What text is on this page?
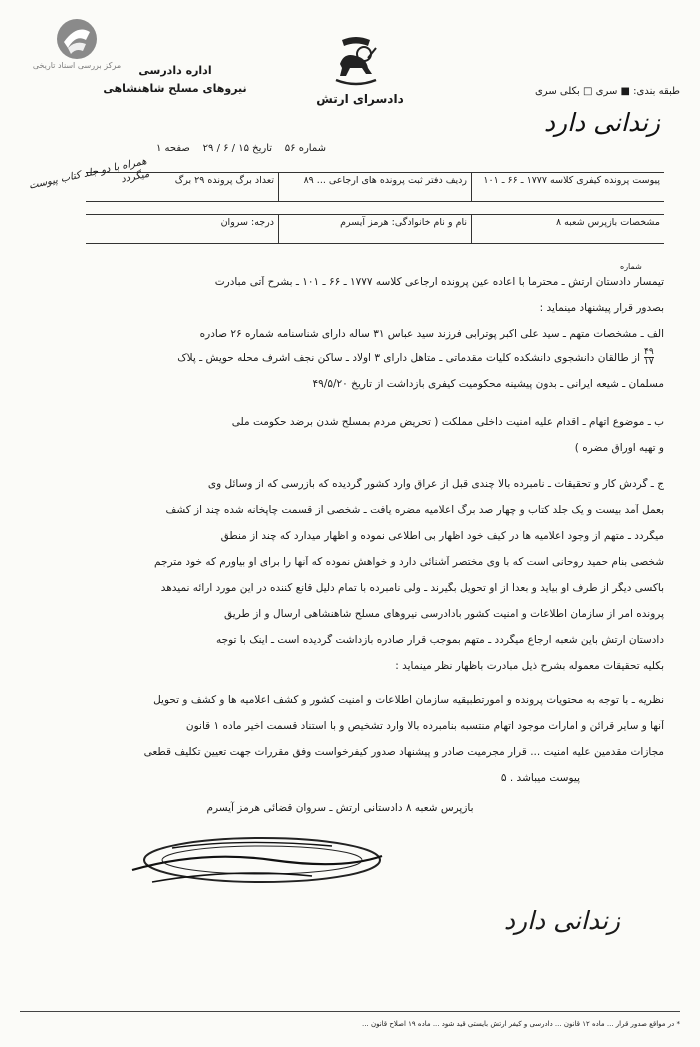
مرکز بررسی اسناد تاریخی	اداره دادرسی
نیروهای مسلح شاهنشاهی
دادسرای ارتش
طبقه بندی: ■ سری □ بکلی سری
زندانی دارد
شماره ۵۶    تاریخ ۱۵ / ۶ / ۲۹    صفحه ۱
پیوست پرونده کیفری کلاسه ۱۷۷۷ ـ ۶۶ ـ ۱۰۱
ردیف دفتر ثبت پرونده های ارجاعی ... ۸۹
تعداد برگ پرونده ۲۹ برگ
مشخصات بازپرس شعبه ۸
نام و نام خانوادگی: هرمز آیسرم
درجه: سروان
همراه با دو جلد کتاب پیوست میگردد
شماره
تیمسار دادستان ارتش ـ محترماً با اعاده عین پرونده ارجاعی کلاسه ۱۷۷۷ ـ ۶۶ ـ ۱۰۱ ـ بشرح آتی مبادرت
بصدور قرار پیشنهاد مینماید :
الف ـ مشخصات متهم ـ سید علی اکبر پوترابی فرزند سید عباس ۳۱ ساله دارای شناسنامه شماره ۲۶ صادره
از طالقان دانشجوی دانشکده کلیات مقدماتی ـ متاهل دارای ۳ اولاد ـ ساکن نجف اشرف محله حویش ـ پلاک ۴۹
۱۷
مسلمان ـ شیعه ایرانی ـ بدون پیشینه محکومیت کیفری بازداشت از تاریخ ۴۹/۵/۲۰
ب ـ موضوع اتهام ـ اقدام علیه امنیت داخلی مملکت ( تحریض مردم بمسلح شدن برضد حکومت ملی
و تهیه اوراق مضره )
ج ـ گردش کار و تحقیقات ـ نامبرده بالا چندی قبل از عراق وارد کشور گردیده که بازرسی که از وسائل وی
بعمل آمد بیست و یک جلد کتاب و چهار صد برگ اعلامیه مضره یافت ـ شخصی از قسمت چاپخانه شده چند از کشف
میگردد ـ متهم از وجود اعلامیه ها در کیف خود اظهار بی اطلاعی نموده و اظهار میدارد که چند از منطق
شخصی بنام حمید روحانی است که با وی مختصر آشنائی دارد و خواهش نموده که آنها را برای او بیاورم که خود مترجم
باکسی دیگر از طرف او بیاید و بعداً از او تحویل بگیرند ـ ولی نامبرده با تمام دلیل قانع کننده در این مورد ارائه نمیدهد
پرونده امر از سازمان اطلاعات و امنیت کشور بادادرسی نیروهای مسلح شاهنشاهی ارسال و از طریق
دادستان ارتش باین شعبه ارجاع میگردد ـ متهم بموجب قرار صادره بازداشت گردیده است ـ اینک با توجه
بکلیه تحقیقات معموله بشرح ذیل مبادرت باظهار نظر مینماید :
نظریه ـ با توجه به محتویات پرونده و امورتطبیقیه سازمان اطلاعات و امنیت کشور و کشف اعلامیه ها و کشف و تحویل
آنها و سایر قرائن و امارات موجود اتهام منتسبه بنامبرده بالا وارد تشخیص و با استناد قسمت اخیر ماده ۱ قانون
مجازات مقدمین علیه امنیت ... قرار مجرمیت صادر و پیشنهاد صدور کیفرخواست وفق مقررات جهت تعیین تکلیف قطعی
پیوست میباشد . ۵
بازپرس شعبه ۸ دادستانی ارتش ـ سروان قضائی هرمز آیسرم
زندانی دارد
* در مواقع صدور قرار ... ماده ۱۲ قانون ... دادرسی و کیفر ارتش بایستی قید شود ... ماده ۱۹ اصلاح قانون ...
